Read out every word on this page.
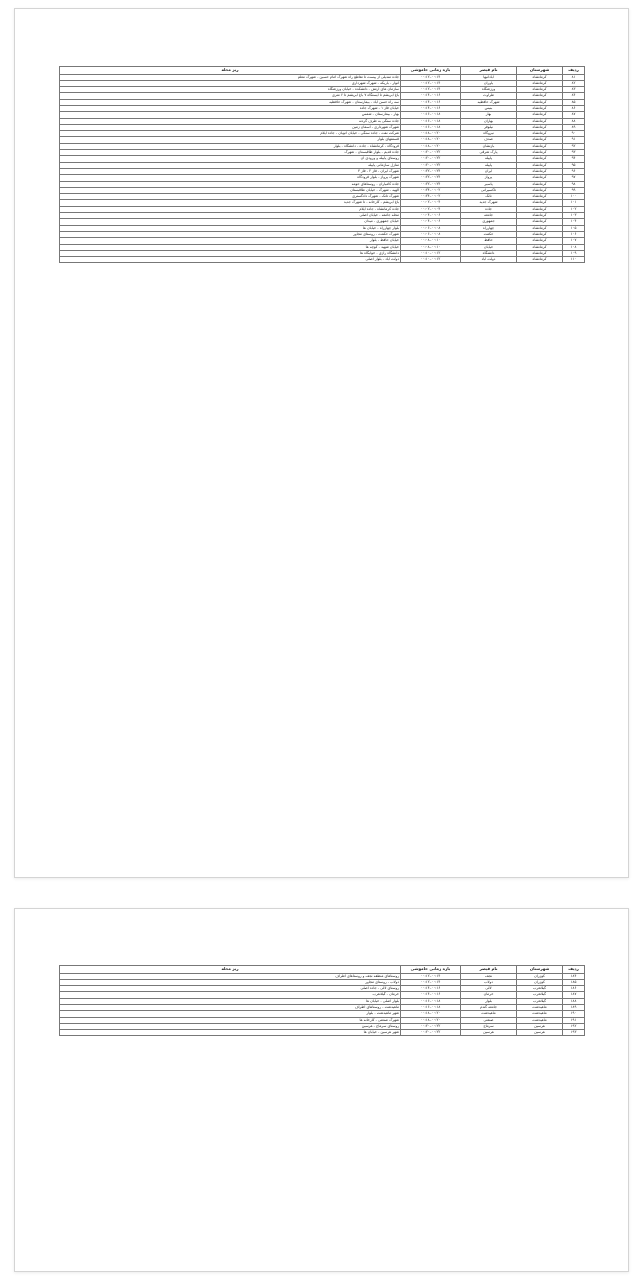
ردیف	شهرستان	نام قیصر	بازه زمانی خاموشی	ریز محله
۸۱	کرمانشاه	آبادانیها	۰۰:۱۲–۰۰:۱۴	جاده مندیلی از پیست تا تقاطع راه شهرک امام حسین - شهرک معلم
۸۲	کرمانشاه	یاوران	۰۰:۱۲–۰۰:۱۴	انوار - باریکه - شهرک شهرداری
۸۳	کرمانشاه	ورزشگاه	۰۰:۱۲–۰۰:۱۴	سازمان های ارتش - دانشکده - خیابان ورزشگاه
۸۴	کرمانشاه	طراوت	۰۰:۱۴–۰۰:۱۶	باغ ابریشم تا ایستگاه ۷ باغ ابریشم تا ۶ متری
۸۵	کرمانشاه	شهرک حافظیه	۰۰:۱۴–۰۰:۱۶	سه راه حسن آباد - بیمارستان - شهرک حافظیه
۸۶	کرمانشاه	بنیس	۰۰:۱۴–۰۰:۱۶	خیابان فاز ۱ - شهرک جاده
۸۷	کرمانشاه	بهار	۰۰:۱۶–۰۰:۱۸	بهار - بیمارستان - شمس
۸۸	کرمانشاه	بهاران	۰۰:۱۶–۰۰:۱۸	جاده سنگی به طرف گردنه
۸۹	کرمانشاه	نیلوفر	۰۰:۱۶–۰۰:۱۸	شهرک شهرداری - آسمان زمین
۹۰	کرمانشاه	نیروگاه	۰۰:۱۸–۰۰:۲۰	شرکت نفت - جاده سنگی - خیابان اتوبان - جاده ایلام
۹۱	کرمانشاه	صدف	۰۰:۱۸–۰۰:۲۰	قسمتهای بلوار
۹۲	کرمانشاه	بازنشان	۰۰:۱۸–۰۰:۲۰	فرودگاه - کرمانشاه - جاده - دانشگاه - بلوار
۹۳	کرمانشاه	پارک شرقی	۰۰:۲۰–۰۰:۲۲	جاده قدیم - بلوار طاقبستان - شهرک
۹۴	کرمانشاه	پاییله	۰۰:۲۰–۰۰:۲۲	روستای پاییله و ورودی آن
۹۵	کرمانشاه	پاییله	۰۰:۲۰–۰۰:۲۲	منازل سازمانی پاییله
۹۶	کرمانشاه	ایران	۰۰:۲۲–۰۰:۲۴	شهرک ایران - فاز ۲ - فاز ۳
۹۷	کرمانشاه	پرواز	۰۰:۲۲–۰۰:۲۴	شهرک پرواز - بلوار فرودگاه
۹۸	کرمانشاه	پاسیر	۰۰:۲۲–۰۰:۲۴	جاده کامیاران - روستاهای حومه
۹۹	کرمانشاه	تاکسیرانی	۰۰:۲۴–۰۰:۰۲	الهیه - شهرک - خیابان طاقبستان
۱۰۰	کرمانشاه	تانک	۰۰:۲۴–۰۰:۰۲	شهرک تانک - شهرک دادگستری
۱۰۱	کرمانشاه	شهرک جدید	۰۰:۰۲–۰۰:۰۴	باغ ابریشم - کارخانه - تا شهرک جدید
۱۰۲	کرمانشاه	جاده	۰۰:۰۲–۰۰:۰۴	جاده کرمانشاه - جاده ایلام
۱۰۳	کرمانشاه	جامعه	۰۰:۰۴–۰۰:۰۶	محله جامعه - خیابان اصلی
۱۰۴	کرمانشاه	جمهوری	۰۰:۰۴–۰۰:۰۶	خیابان جمهوری - میدان
۱۰۵	کرمانشاه	چهارراه	۰۰:۰۶–۰۰:۰۸	بلوار چهارراه - خیابان ها
۱۰۶	کرمانشاه	حکمت	۰۰:۰۶–۰۰:۰۸	شهرک حکمت - روستای مجاور
۱۰۷	کرمانشاه	حافظ	۰۰:۰۸–۰۰:۱۰	خیابان حافظ - بلوار
۱۰۸	کرمانشاه	خیابان	۰۰:۰۸–۰۰:۱۰	خیابان شهید - کوچه ها
۱۰۹	کرمانشاه	دانشگاه	۰۰:۱۰–۰۰:۱۲	دانشگاه رازی - خوابگاه ها
۱۱۰	کرمانشاه	دولت آباد	۰۰:۱۰–۰۰:۱۲	دولت آباد - بلوار اصلی
ردیف	شهرستان	نام قیصر	بازه زمانی خاموشی	ریز محله
۱۸۴	کوزران	نجف	۰۰:۱۲–۰۰:۱۴	روستاهای منطقه نجف و روستاهای اطراف
۱۸۵	کوزران	دولاب	۰۰:۱۲–۰۰:۱۴	دولاب - روستای مجاور
۱۸۶	گیلانغرب	لالی	۰۰:۱۴–۰۰:۱۶	روستای لالی - جاده اصلی
۱۸۷	گیلانغرب	خرمان	۰۰:۱۴–۰۰:۱۶	خرمان - گیلانغرب
۱۸۸	گیلانغرب	بلوار	۰۰:۱۶–۰۰:۱۸	بلوار اصلی - خیابان ها
۱۸۹	ماهیدشت	جامعه گندم	۰۰:۱۶–۰۰:۱۸	ماهیدشت - روستاهای اطراف
۱۹۰	ماهیدشت	ماهیدشت	۰۰:۱۸–۰۰:۲۰	شهر ماهیدشت - بلوار
۱۹۱	ماهیدشت	صنعتی	۰۰:۱۸–۰۰:۲۰	شهرک صنعتی - کارخانه ها
۱۹۲	هرسین	سرماج	۰۰:۲۰–۰۰:۲۲	روستای سرماج - هرسین
۱۹۳	هرسین	هرسین	۰۰:۲۰–۰۰:۲۲	شهر هرسین - خیابان ها
